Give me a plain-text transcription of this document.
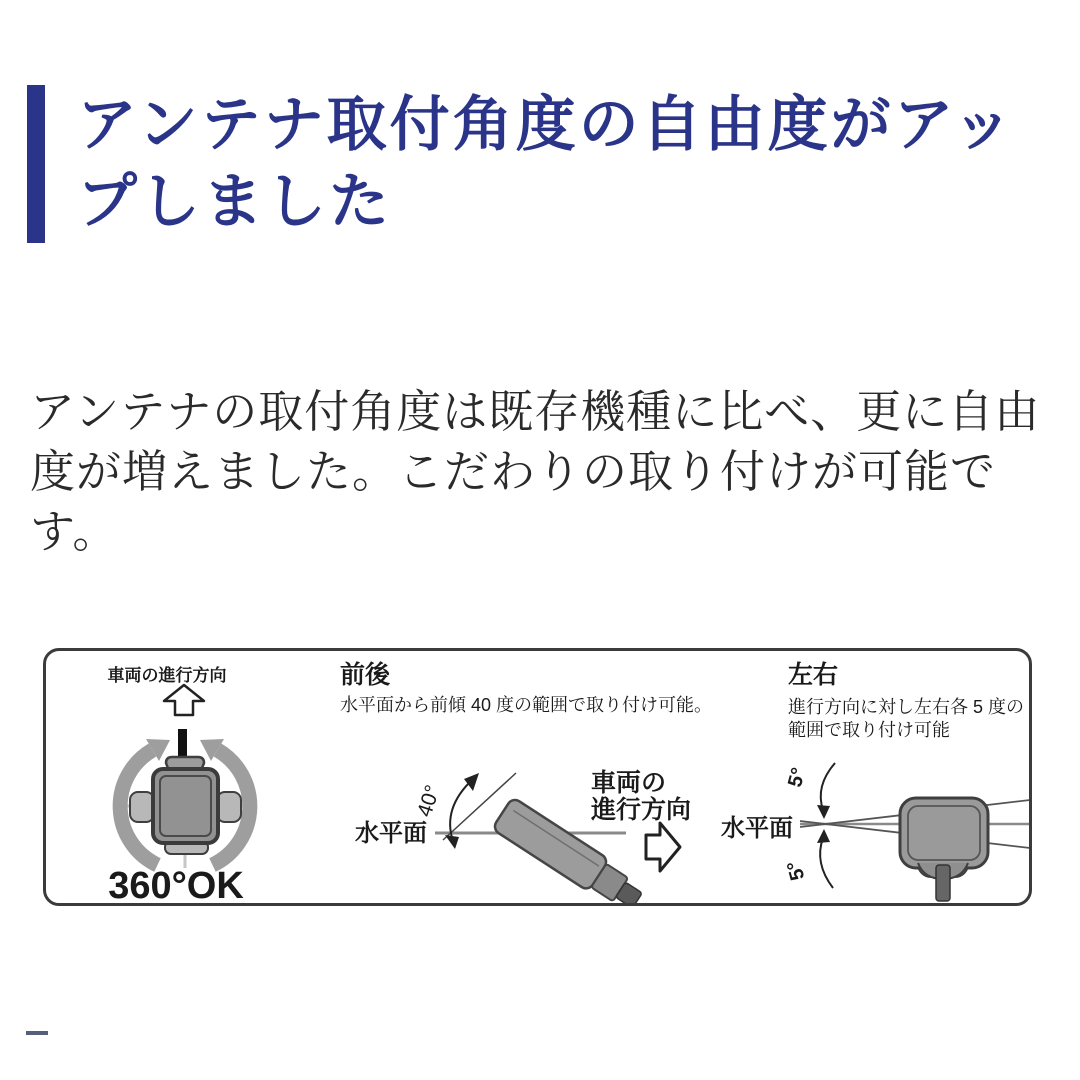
アンテナ取付角度の自由度がアッ
プしました

アンテナの取付角度は既存機種に比べ、更に自由
度が増えました。こだわりの取り付けが可能で
す。

車両の進行方向
360°OK
前後
水平面から前傾 40 度の範囲で取り付け可能。
水平面
40°	車両の
進行方向
左右
進行方向に対し左右各 5 度の
範囲で取り付け可能
水平面
5°
5°
